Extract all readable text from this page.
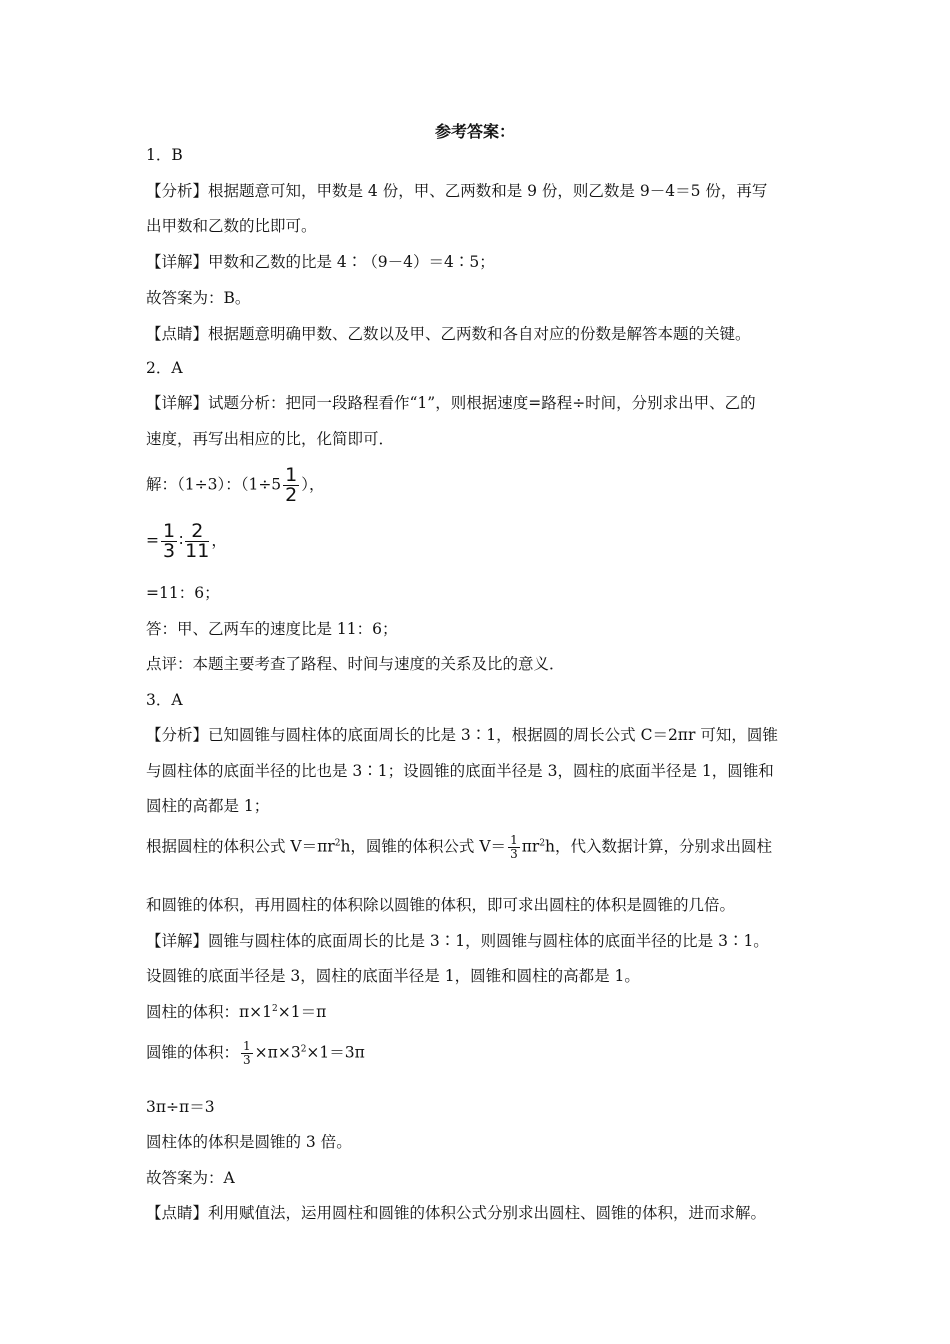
参考答案：
1．B
【分析】根据题意可知，甲数是 4 份，甲、乙两数和是 9 份，则乙数是 9－4＝5 份，再写
出甲数和乙数的比即可。
【详解】甲数和乙数的比是 4∶（9－4）＝4∶5；
故答案为：B。
【点睛】根据题意明确甲数、乙数以及甲、乙两数和各自对应的份数是解答本题的关键。
2．A
【详解】试题分析：把同一段路程看作“1”，则根据速度=路程÷时间，分别求出甲、乙的
速度，再写出相应的比，化简即可．
解：（1÷3）：（$1\div 5 \frac{1}{2}$ ），
= $\frac{1}{3}$ ∶ $\frac{2}{11}$ ，
=11：6；
答：甲、乙两车的速度比是 11：6；
点评：本题主要考查了路程、时间与速度的关系及比的意义．
3．A
【分析】已知圆锥与圆柱体的底面周长的比是 3∶1，根据圆的周长公式 C＝2πr 可知，圆锥
与圆柱体的底面半径的比也是 3∶1；设圆锥的底面半径是 3，圆柱的底面半径是 1，圆锥和
圆柱的高都是 1；
根据圆柱的体积公式 $V=\pi r^2h$，圆锥的体积公式 $V= \frac{1}{3} \pi r^2h$，代入数据计算，分别求出圆柱
和圆锥的体积，再用圆柱的体积除以圆锥的体积，即可求出圆柱的体积是圆锥的几倍。
【详解】圆锥与圆柱体的底面周长的比是 3∶1，则圆锥与圆柱体的底面半径的比是 3∶1。
设圆锥的底面半径是 3，圆柱的底面半径是 1，圆锥和圆柱的高都是 1。
圆柱的体积：$\pi\times 1^2\times 1=\pi$
圆锥的体积： $\frac{1}{3} \times\pi\times 3^2\times 1=3\pi$
3π÷π＝3
圆柱体的体积是圆锥的 3 倍。
故答案为：A
【点睛】利用赋值法，运用圆柱和圆锥的体积公式分别求出圆柱、圆锥的体积，进而求解。
